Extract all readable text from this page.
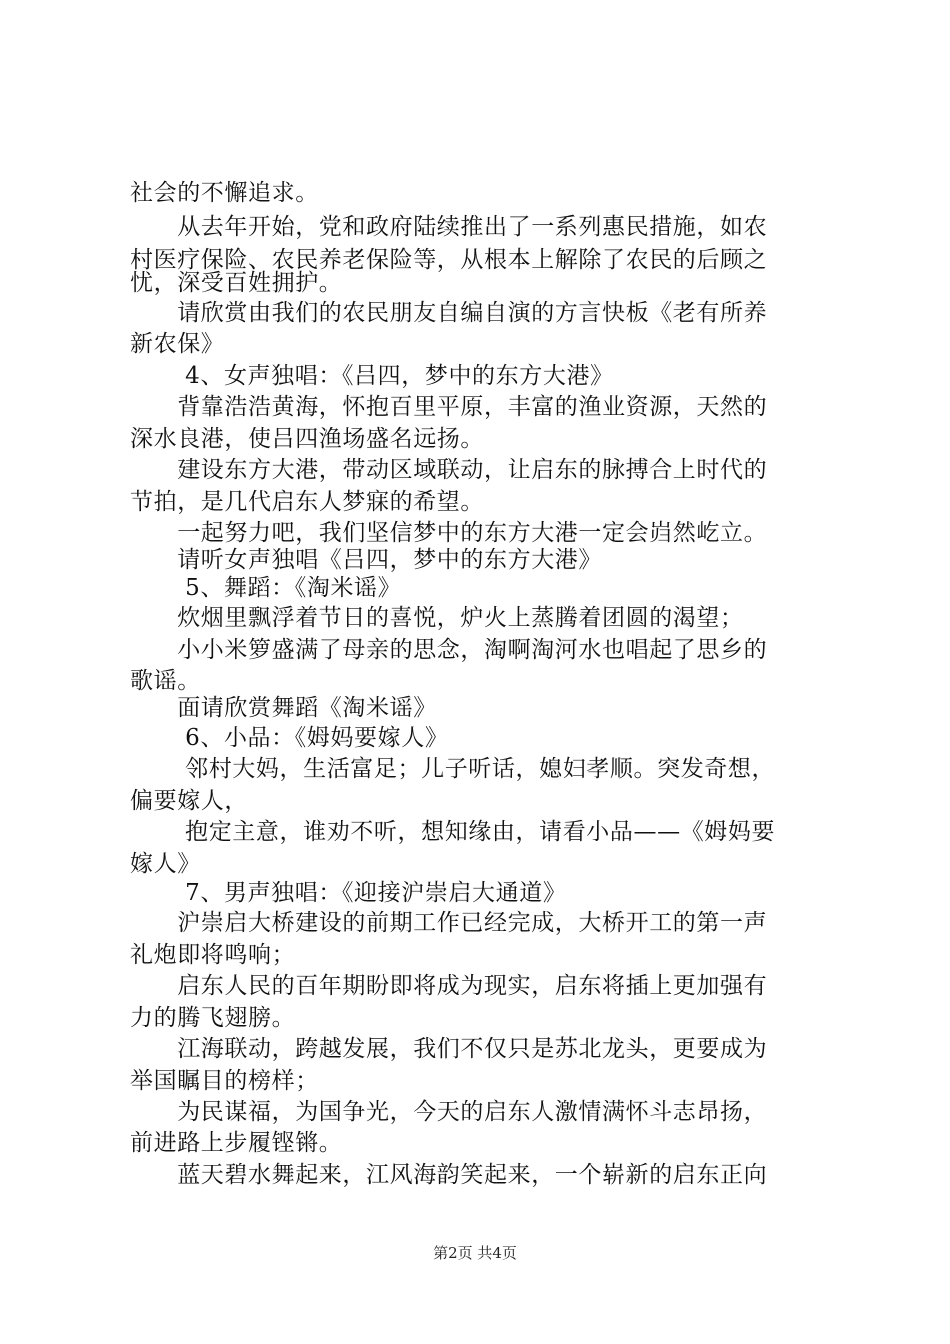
社会的不懈追求。
　　从去年开始，党和政府陆续推出了一系列惠民措施，如农
村医疗保险、农民养老保险等，从根本上解除了农民的后顾之
忧，深受百姓拥护。
　　请欣赏由我们的农民朋友自编自演的方言快板《老有所养
新农保》
　　 4、女声独唱：《吕四，梦中的东方大港》
　　背靠浩浩黄海，怀抱百里平原，丰富的渔业资源，天然的
深水良港，使吕四渔场盛名远扬。
　　建设东方大港，带动区域联动，让启东的脉搏合上时代的
节拍，是几代启东人梦寐的希望。
　　一起努力吧，我们坚信梦中的东方大港一定会岿然屹立。
　　请听女声独唱《吕四，梦中的东方大港》
　　 5、舞蹈：《淘米谣》
　　炊烟里飘浮着节日的喜悦，炉火上蒸腾着团圆的渴望；
　　小小米箩盛满了母亲的思念，淘啊淘河水也唱起了思乡的
歌谣。
　　面请欣赏舞蹈《淘米谣》
　　 6、小品：《姆妈要嫁人》
　　 邻村大妈，生活富足；儿子听话，媳妇孝顺。突发奇想，
偏要嫁人，
　　 抱定主意，谁劝不听，想知缘由，请看小品——《姆妈要
嫁人》
　　 7、男声独唱：《迎接沪崇启大通道》
　　沪崇启大桥建设的前期工作已经完成，大桥开工的第一声
礼炮即将鸣响；
　　启东人民的百年期盼即将成为现实，启东将插上更加强有
力的腾飞翅膀。
　　江海联动，跨越发展，我们不仅只是苏北龙头，更要成为
举国瞩目的榜样；
　　为民谋福，为国争光，今天的启东人激情满怀斗志昂扬，
前进路上步履铿锵。
　　蓝天碧水舞起来，江风海韵笑起来，一个崭新的启东正向
第2页 共4页
